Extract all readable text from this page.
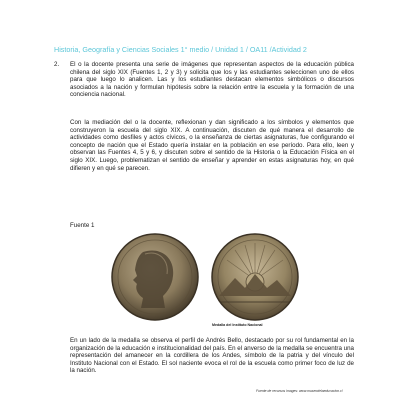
Historia, Geografía y Ciencias Sociales 1° medio / Unidad 1 / OA11 /Actividad 2
2. El o la docente presenta una serie de imágenes que representan aspectos de la educación pública chilena del siglo XIX (Fuentes 1, 2 y 3) y solicita que los y las estudiantes seleccionen uno de ellos para que luego lo analicen. Las y los estudiantes destacan elementos simbólicos o discursos asociados a la nación y formulan hipótesis sobre la relación entre la escuela y la formación de una conciencia nacional.
Con la mediación del o la docente, reflexionan y dan significado a los símbolos y elementos que construyeron la escuela del siglo XIX. A continuación, discuten de qué manera el desarrollo de actividades como desfiles y actos cívicos, o la enseñanza de ciertas asignaturas, fue configurando el concepto de nación que el Estado quería instalar en la población en ese período. Para ello, leen y observan las Fuentes 4, 5 y 6, y discuten sobre el sentido de la Historia o la Educación Física en el siglo XIX. Luego, problematizan el sentido de enseñar y aprender en estas asignaturas hoy, en qué difieren y en qué se parecen.
Fuente 1
Medalla del Instituto Nacional
En un lado de la medalla se observa el perfil de Andrés Bello, destacado por su rol fundamental en la organización de la educación e institucionalidad del país. En el anverso de la medalla se encuentra una representación del amanecer en la cordillera de los Andes, símbolo de la patria y del vínculo del Instituto Nacional con el Estado. El sol naciente evoca el rol de la escuela como primer foco de luz de la nación.
Fuente de recursos images: www.museodelaeducacion.cl
